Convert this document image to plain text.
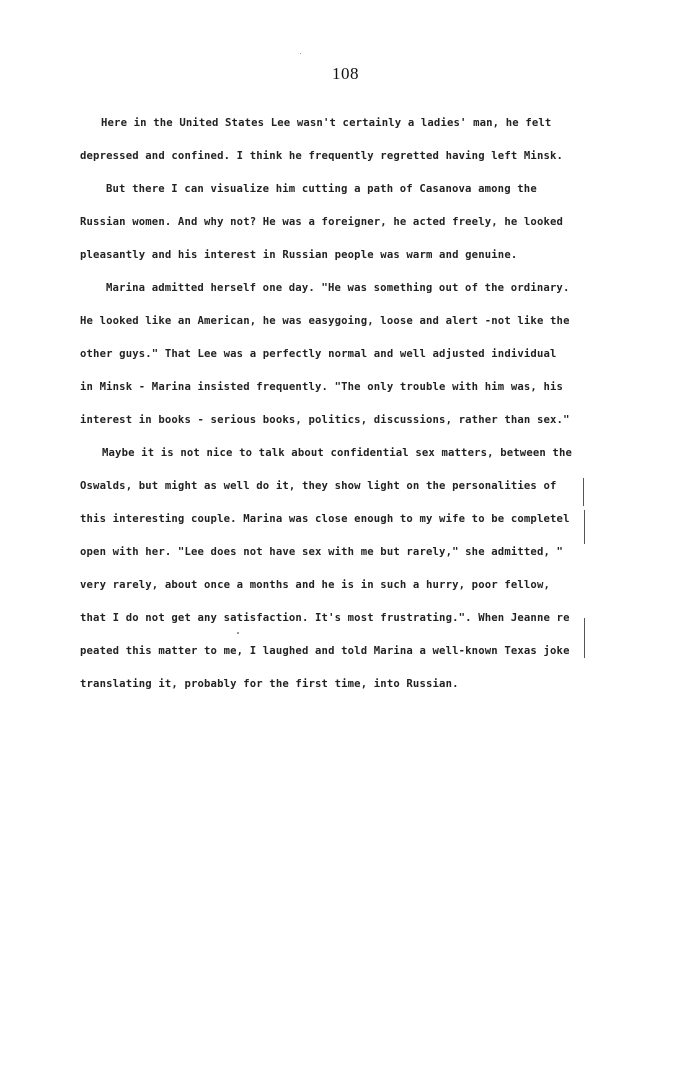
108
Here in the United States Lee wasn't certainly a ladies' man, he felt
depressed and confined. I think he frequently regretted having left Minsk.
But there I can visualize him cutting a path of Casanova among the
Russian women. And why not? He was a foreigner, he acted freely, he looked
pleasantly and his interest in Russian people was warm and genuine.
Marina admitted herself one day. "He was something out of the ordinary.
He looked like an American, he was easygoing, loose and alert -not like the
other guys." That Lee was a perfectly normal and well adjusted individual
in Minsk - Marina insisted frequently. "The only trouble with him was, his
interest in books - serious books, politics, discussions, rather than sex."
Maybe it is not nice to talk about confidential sex matters, between the
Oswalds, but might as well do it, they show light on the personalities of
this interesting couple. Marina was close enough to my wife to be completel
open with her. "Lee does not have sex with me but rarely," she admitted, "
very rarely, about once a months and he is in such a hurry, poor fellow,
that I do not get any satisfaction. It's most frustrating.". When Jeanne re
peated this matter to me, I laughed and told Marina a well-known Texas joke
translating it, probably for the first time, into Russian.
